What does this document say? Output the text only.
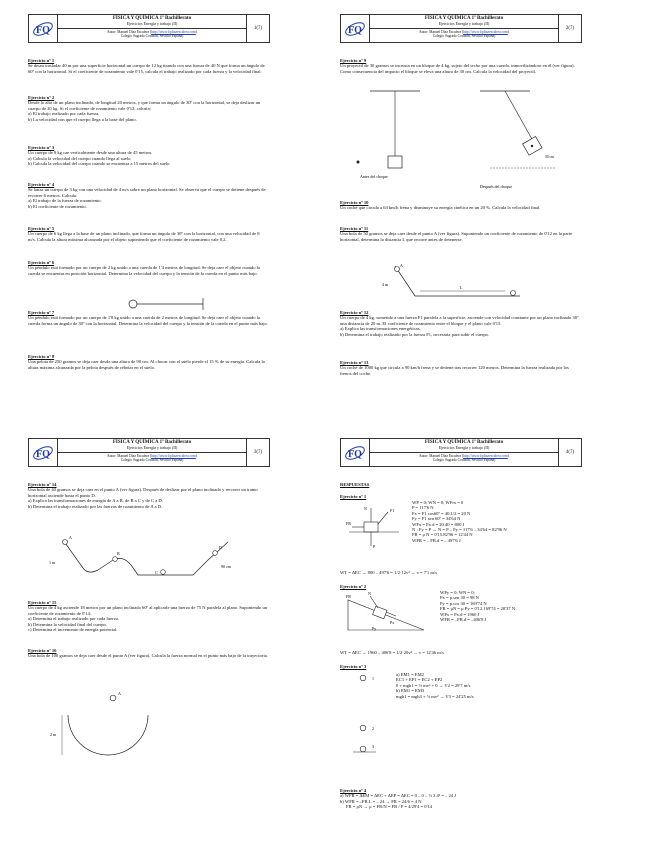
FQ
FÍSICA Y QUÍMICA 1º Bachillerato
Ejercicios Energía y trabajo (II)
Autor: Manuel Díaz Escalera (http://www.fqdiazescalera.com)
Colegio Sagrado Corazón, Sevilla (España)
1(7)
Ejercicio nº 1

Se desea trasladar 40 m por una superficie horizontal un cuerpo de 12 kg tirando con una fuerza de 40 N que forma un ángulo de 60º con la horizontal. Si el coeficiente de rozamiento vale 0'15, calcula el trabajo realizado por cada fuerza y la velocidad final.

Ejercicio nº 2

Desde lo alto de un plano inclinado, de longitud 20 metros, y que forma un ángulo de 30º con la horizontal, se deja deslizar un cuerpo de 20 kg. Si el coeficiente de rozamiento vale 0'12, calcula:

a) El trabajo realizado por cada fuerza.

b) La velocidad con que el cuerpo llega a la base del plano.

Ejercicio nº 3

Un cuerpo de 8 kg cae verticalmente desde una altura de 45 metros.

a) Calcula la velocidad del cuerpo cuando llega al suelo.

b) Calcula la velocidad del cuerpo cuando se encuentra a 15 metros del suelo.

Ejercicio nº 4

Se lanza un cuerpo de 3 kg con una velocidad de 4 m/s sobre un plano horizontal. Se observa que el cuerpo se detiene después de recorrer 6 metros. Calcula:

a) El trabajo de la fuerza de rozamiento.

b) El coeficiente de rozamiento.

Ejercicio nº 5

Un cuerpo de 6 kg llega a la base de un plano inclinado, que forma un ángulo de 30º con la horizontal, con una velocidad de 8 m/s. Calcula la altura máxima alcanzada por el objeto suponiendo que el coeficiente de rozamiento vale 0,2.

Ejercicio nº 6

Un péndulo está formado por un cuerpo de 2 kg unido a una cuerda de 1'4 metros de longitud. Se deja caer el objeto cuando la cuerda se encuentra en posición horizontal. Determina la velocidad del cuerpo y la tensión de la cuerda en el punto más bajo.

Ejercicio nº 7

Un péndulo está formado por un cuerpo de 1'8 kg unido a una cuerda de 2 metros de longitud. Se deja caer el objeto cuando la cuerda forma un ángulo de 30º con la horizontal. Determina la velocidad del cuerpo y la tensión de la cuerda en el punto más bajo.

Ejercicio nº 8

Una pelota de 250 gramos se deja caer desde una altura de 90 cm. Al chocar con el suelo pierde el 15 % de su energía. Calcula la altura máxima alcanzada por la pelota después de rebotar en el suelo.

FQ
FÍSICA Y QUÍMICA 1º Bachillerato
Ejercicios Energía y trabajo (II)
Autor: Manuel Díaz Escalera (http://www.fqdiazescalera.com)
Colegio Sagrado Corazón, Sevilla (España)
2(7)
Ejercicio nº 9

Un proyectil de 30 gramos se incrusta en un bloque de 4 kg, sujeto del techo por una cuerda, inmovilizándose en él (ver figura). Como consecuencia del impacto el bloque se eleva una altura de 30 cm. Calcula la velocidad del proyectil.

Antes del choque
30 cm
Después del choque
Ejercicio nº 10

Un coche que circula a 63 km/h frena y disminuye su energía cinética en un 20 %. Calcula la velocidad final.

Ejercicio nº 11

Una bola de 50 gramos se deja caer desde el punto A (ver figura). Suponiendo un coeficiente de rozamiento de 0'12 en la parte horizontal, determina la distancia L que recorre antes de detenerse.

A
4 m
L
Ejercicio nº 12

Un cuerpo de 4 kg, sometido a una fuerza F1 paralela a la superficie, asciende con velocidad constante por un plano inclinado 30º una distancia de 20 m. El coeficiente de rozamiento entre el bloque y el plano vale 0'15.

a) Explica las transformaciones energéticas.

b) Determina el trabajo realizado por la fuerza F1, necesaria para subir el cuerpo.

Ejercicio nº 13

Un coche de 1000 kg que circula a 90 km/h frena y se detiene tras recorrer 120 metros. Determina la fuerza realizada por los frenos del coche.

FQ
FÍSICA Y QUÍMICA 1º Bachillerato
Ejercicios Energía y trabajo (II)
Autor: Manuel Díaz Escalera (http://www.fqdiazescalera.com)
Colegio Sagrado Corazón, Sevilla (España)
3(7)
Ejercicio nº 14

Una bola de 40 gramos se deja caer en el punto A (ver figura). Después de deslizar por el plano inclinado y recorrer un tramo horizontal asciende hasta el punto D.

a) Explica las transformaciones de energía de A a B, de B a C y de C a D.

b) Determina el trabajo realizado por las fuerzas de rozamiento de A a D.

A
B
C
D
1 m
90 cm
Ejercicio nº 15

Un cuerpo de 4 kg asciende 18 metros por un plano inclinado 60º al aplicarle una fuerza de 75 N paralela al plano. Suponiendo un coeficiente de rozamiento de 0'14:

a) Determina el trabajo realizado por cada fuerza.

b) Determina la velocidad final del cuerpo.

c) Determina el incremento de energía potencial.

Ejercicio nº 16

Una bola de 100 gramos se deja caer desde el punto A (ver figura). Calcula la fuerza normal en el punto más bajo de la trayectoria.

A
2 m
FQ
FÍSICA Y QUÍMICA 1º Bachillerato
Ejercicios Energía y trabajo (II)
Autor: Manuel Díaz Escalera (http://www.fqdiazescalera.com)
Colegio Sagrado Corazón, Sevilla (España)
4(7)
RESPUESTAS
Ejercicio nº 1
N	F1
FR
P

WP = 0; WN = 0; WFrx = 0

P = 117'6 N

Fx = F1 cos60º = 40.1/2 = 20 N

Fy = F1 sen 60º = 34'64 N

WFx = Fx.d = 20.40 = 800 J

N : Fy = P → N = P – Fy = 117'6 – 34'64 = 82'96 N

FR = μ N = 0'15.82'96 = 12'44 N

WFR = – FR.d = – 497'6 J

WT = ΔEC → 800 – 497'6 = 1/2·12v² → v = 7'1 m/s

Ejercicio nº 2
FR
N
Px
Py

WPy = 0; WN = 0;

Px = p.sen 30 = 98 N

Py = p.cos 30 = 169'74 N

FR = μN = μ Py = 0'12.169'74 = 20'37 N

WPx = Px.d = 1960 J

WFR = –FR.d = –406'8 J

WT = ΔEC → 1960 – 406'8 = 1/2·20v² → v = 12'46 m/s

Ejercicio nº 3
1
2
3

a) EM1 = EM2

EC1 + EP1 = EC2 + EP2

0 + mgh1 = ½ mv² + 0 → V2 = 29'7 m/s

b) EM1 = EM3

mgh1 = mgh3 + ½ mv² → V3 = 24'25 m/s

Ejercicio nº 4

a) WFR = ΔEM = ΔEC + ΔEP = ΔEC = 0 – 0 – ½ 3.4² = – 24 J

b) WFR = –FR.L = – 24 → FR = 24/6 = 4 N

FR = μN → μ = FR/N = FR / P = 4/29'4 = 0'14
